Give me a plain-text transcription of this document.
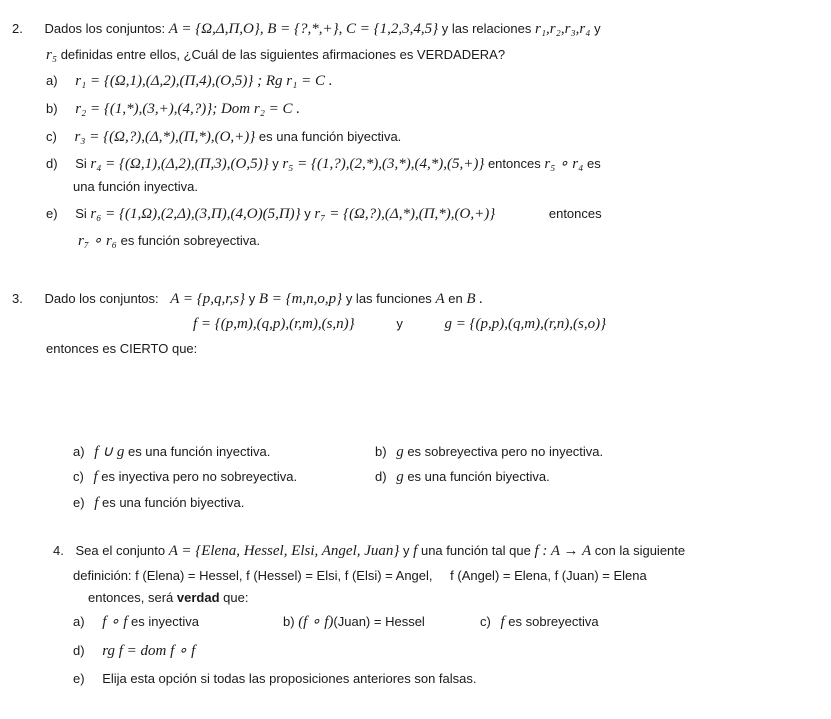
2. Dados los conjuntos: A = {Ω,Δ,Π,O}, B = {?,*,+}, C = {1,2,3,4,5} y las relaciones r₁,r₂,r₃,r₄ y
r₅ definidas entre ellos, ¿Cuál de las siguientes afirmaciones es VERDADERA?
a) r₁ = {(Ω,1),(Δ,2),(Π,4),(O,5)} ; Rg r₁ = C .
b) r₂ = {(1,*),(3,+),(4,?)}; Dom r₂ = C .
c) r₃ = {(Ω,?),(Δ,*),(Π,*),(O,+)} es una función biyectiva.
d) Si r₄ = {(Ω,1),(Δ,2),(Π,3),(O,5)} y r₅ = {(1,?),(2,*),(3,*),(4,*),(5,+)} entonces r₅ ∘ r₄ es
una función inyectiva.
e) Si r₆ = {(1,Ω),(2,Δ),(3,Π),(4,O)(5,Π)} y r₇ = {(Ω,?),(Δ,*),(Π,*),(O,+)}	entonces
r₇ ∘ r₆ es función sobreyectiva.
3. Dado los conjuntos: A = {p,q,r,s} y B = {m,n,o,p} y las funciones A en B .
f = {(p,m),(q,p),(r,m),(s,n)}	y	g = {(p,p),(q,m),(r,n),(s,o)}
entonces es CIERTO que:
a) f ∪ g es una función inyectiva.	b) g es sobreyectiva pero no inyectiva.
c) f es inyectiva pero no sobreyectiva.	d) g es una función biyectiva.
e) f es una función biyectiva.
4. Sea el conjunto A = {Elena, Hessel, Elsi, Angel, Juan} y f una función tal que f : A → A con la siguiente
definición: f (Elena) = Hessel, f (Hessel) = Elsi, f (Elsi) = Angel, f (Angel) = Elena, f (Juan) = Elena
entonces, será verdad que:
a) f ∘ f es inyectiva	b) (f ∘ f)(Juan) = Hessel	c) f es sobreyectiva
d) rg f = dom f ∘ f
e) Elija esta opción si todas las proposiciones anteriores son falsas.
